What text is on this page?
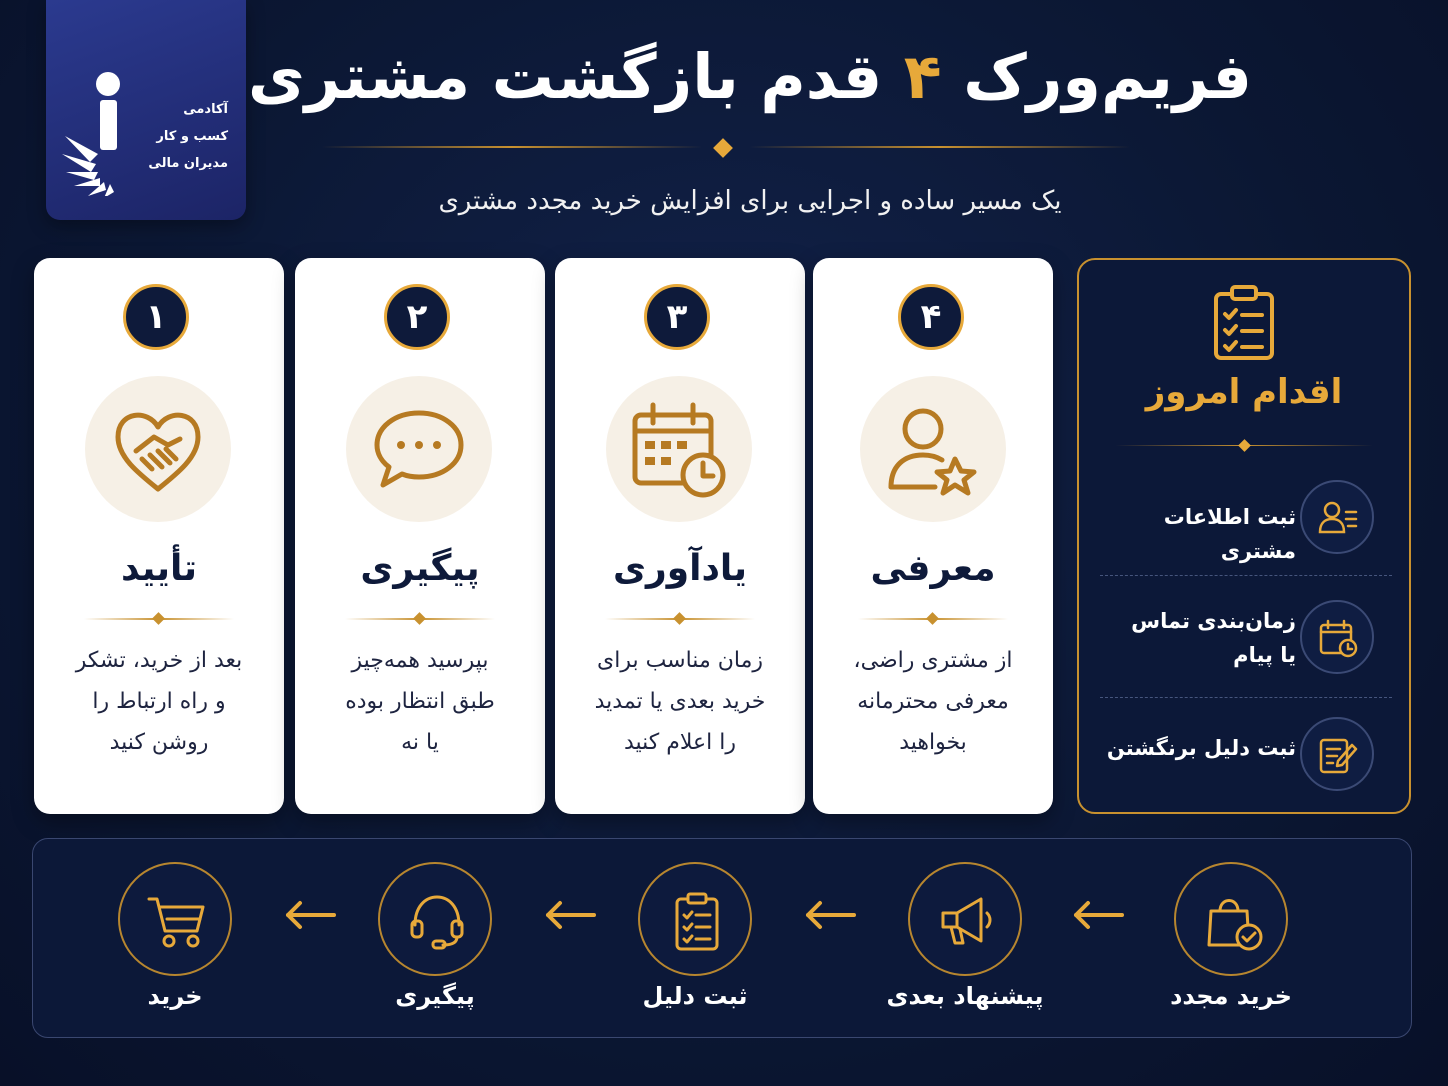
آکادمی
کسب و کار
مدیران مالی
فریم‌ورک ۴ قدم بازگشت مشتری
یک مسیر ساده و اجرایی برای افزایش خرید مجدد مشتری
۱
تأیید
بعد از خرید، تشکر
و راه ارتباط را
روشن کنید
۲
پیگیری
بپرسید همه‌چیز
طبق انتظار بوده
یا نه
۳
یادآوری
زمان مناسب برای
خرید بعدی یا تمدید
را اعلام کنید
۴
معرفی
از مشتری راضی،
معرفی محترمانه
بخواهید
اقدام امروز
ثبت اطلاعات مشتری
زمان‌بندی تماس
یا پیام
ثبت دلیل برنگشتن
خرید مجدد
پیشنهاد بعدی
ثبت دلیل
پیگیری
خرید
